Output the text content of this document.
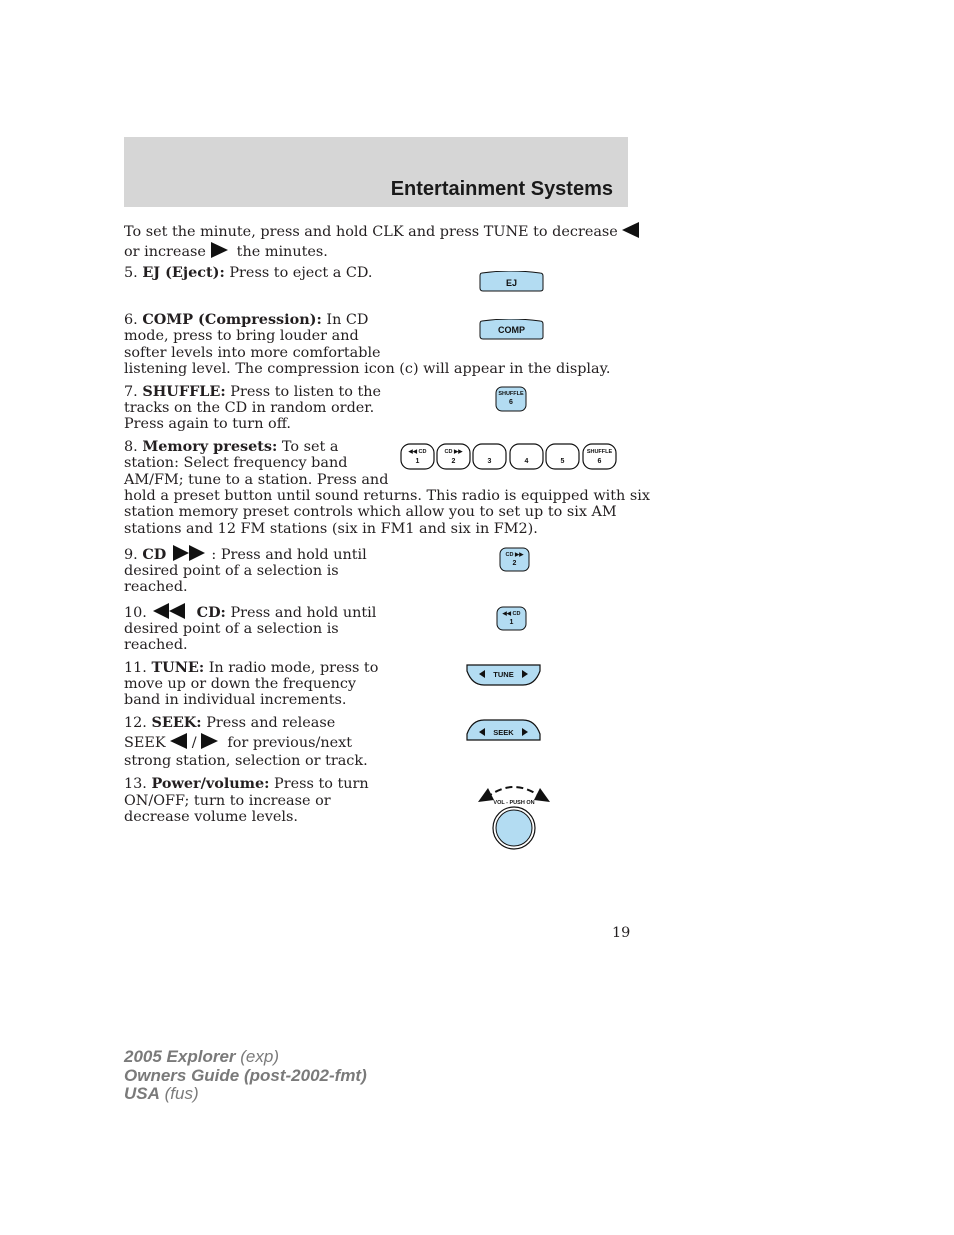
Entertainment Systems
To set the minute, press and hold CLK and press TUNE to decrease
or increase the minutes.
5. EJ (Eject): Press to eject a CD.
EJ
6. COMP (Compression): In CD
mode, press to bring louder and
softer levels into more comfortable
listening level. The compression icon (c) will appear in the display.
COMP
7. SHUFFLE: Press to listen to the
tracks on the CD in random order.
Press again to turn off.
SHUFFLE
6
8. Memory presets: To set a
station: Select frequency band
AM/FM; tune to a station. Press and
hold a preset button until sound returns. This radio is equipped with six
station memory preset controls which allow you to set up to six AM
stations and 12 FM stations (six in FM1 and six in FM2).
◀◀ CD
1
CD ▶▶
2	3	4	5
SHUFFLE
6
9. CD	: Press and hold until
desired point of a selection is
reached.
CD ▶▶
2
10.	CD: Press and hold until
desired point of a selection is
reached.
◀◀ CD
1
11. TUNE: In radio mode, press to
move up or down the frequency
band in individual increments.
TUNE
12. SEEK: Press and release
SEEK / for previous/next
strong station, selection or track.
SEEK
13. Power/volume: Press to turn
ON/OFF; turn to increase or
decrease volume levels.
VOL - PUSH ON
19
2005 Explorer (exp)
Owners Guide (post-2002-fmt)
USA (fus)
